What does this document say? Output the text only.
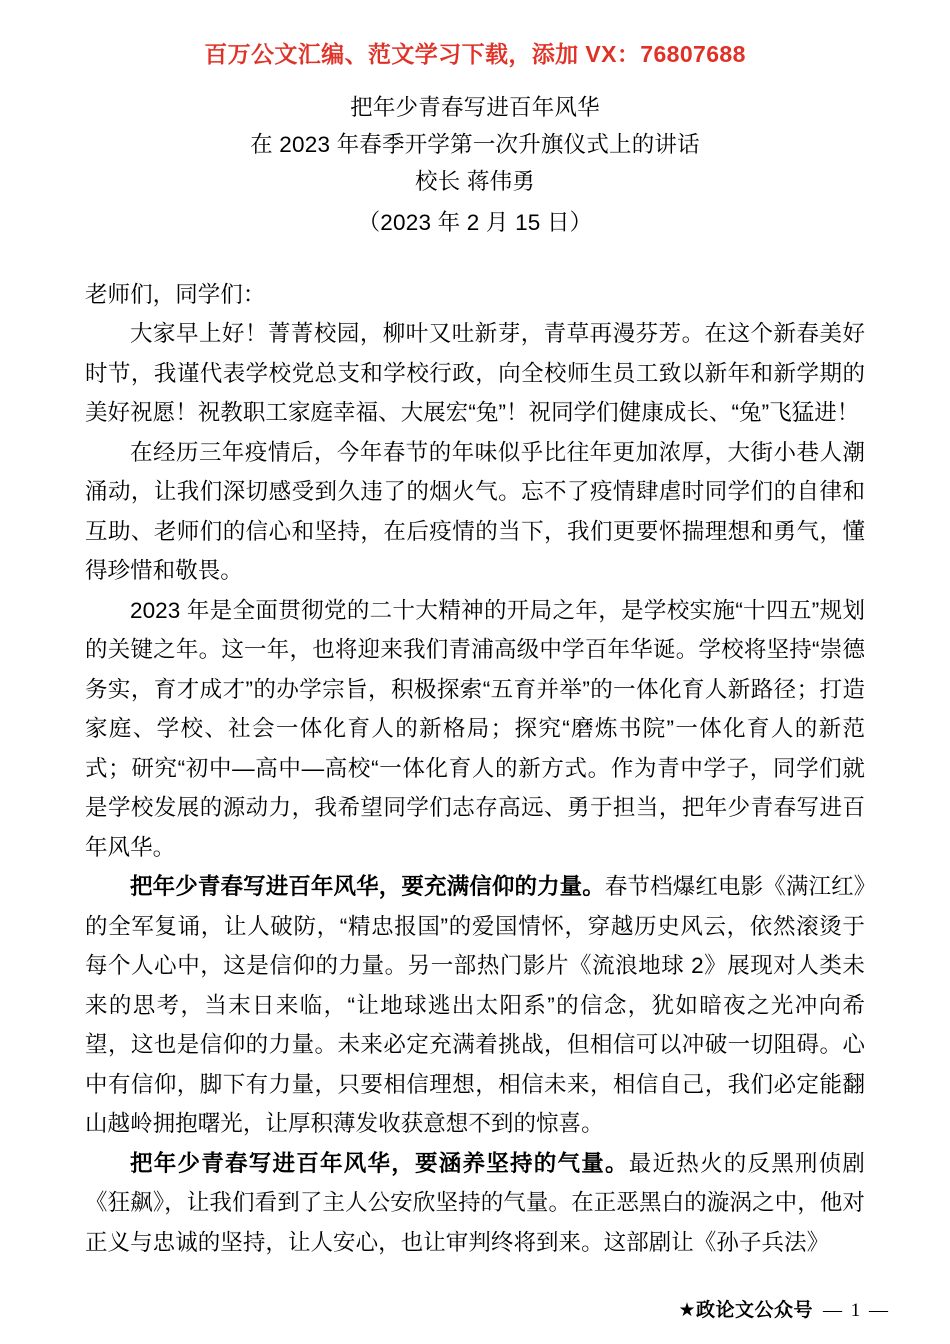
百万公文汇编、范文学习下载，添加 VX：76807688
把年少青春写进百年风华
在 2023 年春季开学第一次升旗仪式上的讲话
校长 蒋伟勇
（2023 年 2 月 15 日）

老师们，同学们：

大家早上好！菁菁校园，柳叶又吐新芽，青草再漫芬芳。在这个新春美好时节，我谨代表学校党总支和学校行政，向全校师生员工致以新年和新学期的美好祝愿！祝教职工家庭幸福、大展宏“兔”！祝同学们健康成长、“兔”飞猛进！

在经历三年疫情后，今年春节的年味似乎比往年更加浓厚，大街小巷人潮涌动，让我们深切感受到久违了的烟火气。忘不了疫情肆虐时同学们的自律和互助、老师们的信心和坚持，在后疫情的当下，我们更要怀揣理想和勇气，懂得珍惜和敬畏。

2023 年是全面贯彻党的二十大精神的开局之年，是学校实施“十四五”规划的关键之年。这一年，也将迎来我们青浦高级中学百年华诞。学校将坚持“崇德务实，育才成才”的办学宗旨，积极探索“五育并举”的一体化育人新路径；打造家庭、学校、社会一体化育人的新格局；探究“磨炼书院”一体化育人的新范式；研究“初中—高中—高校“一体化育人的新方式。作为青中学子，同学们就是学校发展的源动力，我希望同学们志存高远、勇于担当，把年少青春写进百年风华。

把年少青春写进百年风华，要充满信仰的力量。春节档爆红电影《满江红》的全军复诵，让人破防，“精忠报国”的爱国情怀，穿越历史风云，依然滚烫于每个人心中，这是信仰的力量。另一部热门影片《流浪地球 2》展现对人类未来的思考，当末日来临，“让地球逃出太阳系”的信念，犹如暗夜之光冲向希望，这也是信仰的力量。未来必定充满着挑战，但相信可以冲破一切阻碍。心中有信仰，脚下有力量，只要相信理想，相信未来，相信自己，我们必定能翻山越岭拥抱曙光，让厚积薄发收获意想不到的惊喜。

把年少青春写进百年风华，要涵养坚持的气量。最近热火的反黑刑侦剧《狂飙》，让我们看到了主人公安欣坚持的气量。在正恶黑白的漩涡之中，他对正义与忠诚的坚持，让人安心，也让审判终将到来。这部剧让《孙子兵法》

★政论文公众号 — 1 —
